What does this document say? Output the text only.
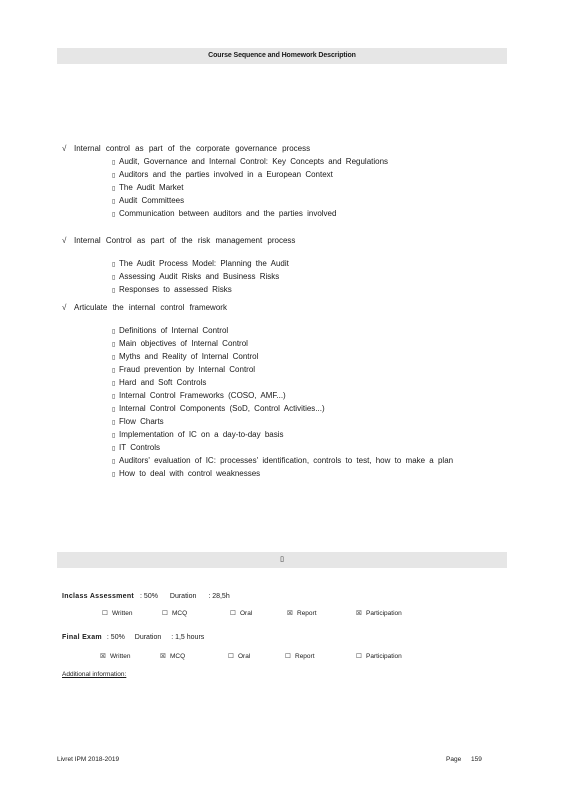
Course Sequence and Homework Description
√ Internal control as part of the corporate governance process
▯ Audit, Governance and Internal Control: Key Concepts and Regulations
▯ Auditors and the parties involved in a European Context
▯ The Audit Market
▯ Audit Committees
▯ Communication between auditors and the parties involved
√ Internal Control as part of the risk management process
▯ The Audit Process Model: Planning the Audit
▯ Assessing Audit Risks and Business Risks
▯ Responses to assessed Risks
√ Articulate the internal control framework
▯ Definitions of Internal Control
▯ Main objectives of Internal Control
▯ Myths and Reality of Internal Control
▯ Fraud prevention by Internal Control
▯ Hard and Soft Controls
▯ Internal Control Frameworks (COSO, AMF...)
▯ Internal Control Components (SoD, Control Activities...)
▯ Flow Charts
▯ Implementation of IC on a day-to-day basis
▯ IT Controls
▯ Auditors' evaluation of IC: processes' identification, controls to test, how to make a plan
▯ How to deal with control weaknesses
▯
Inclass Assessment : 50% Duration : 28,5h
☐ Written	☐ MCQ	☐ Oral	☒ Report	☒ Participation
Final Exam : 50% Duration : 1,5 hours
☒ Written	☒ MCQ	☐ Oral	☐ Report	☐ Participation
Additional information:
Livret IPM 2018-2019	Page 159
